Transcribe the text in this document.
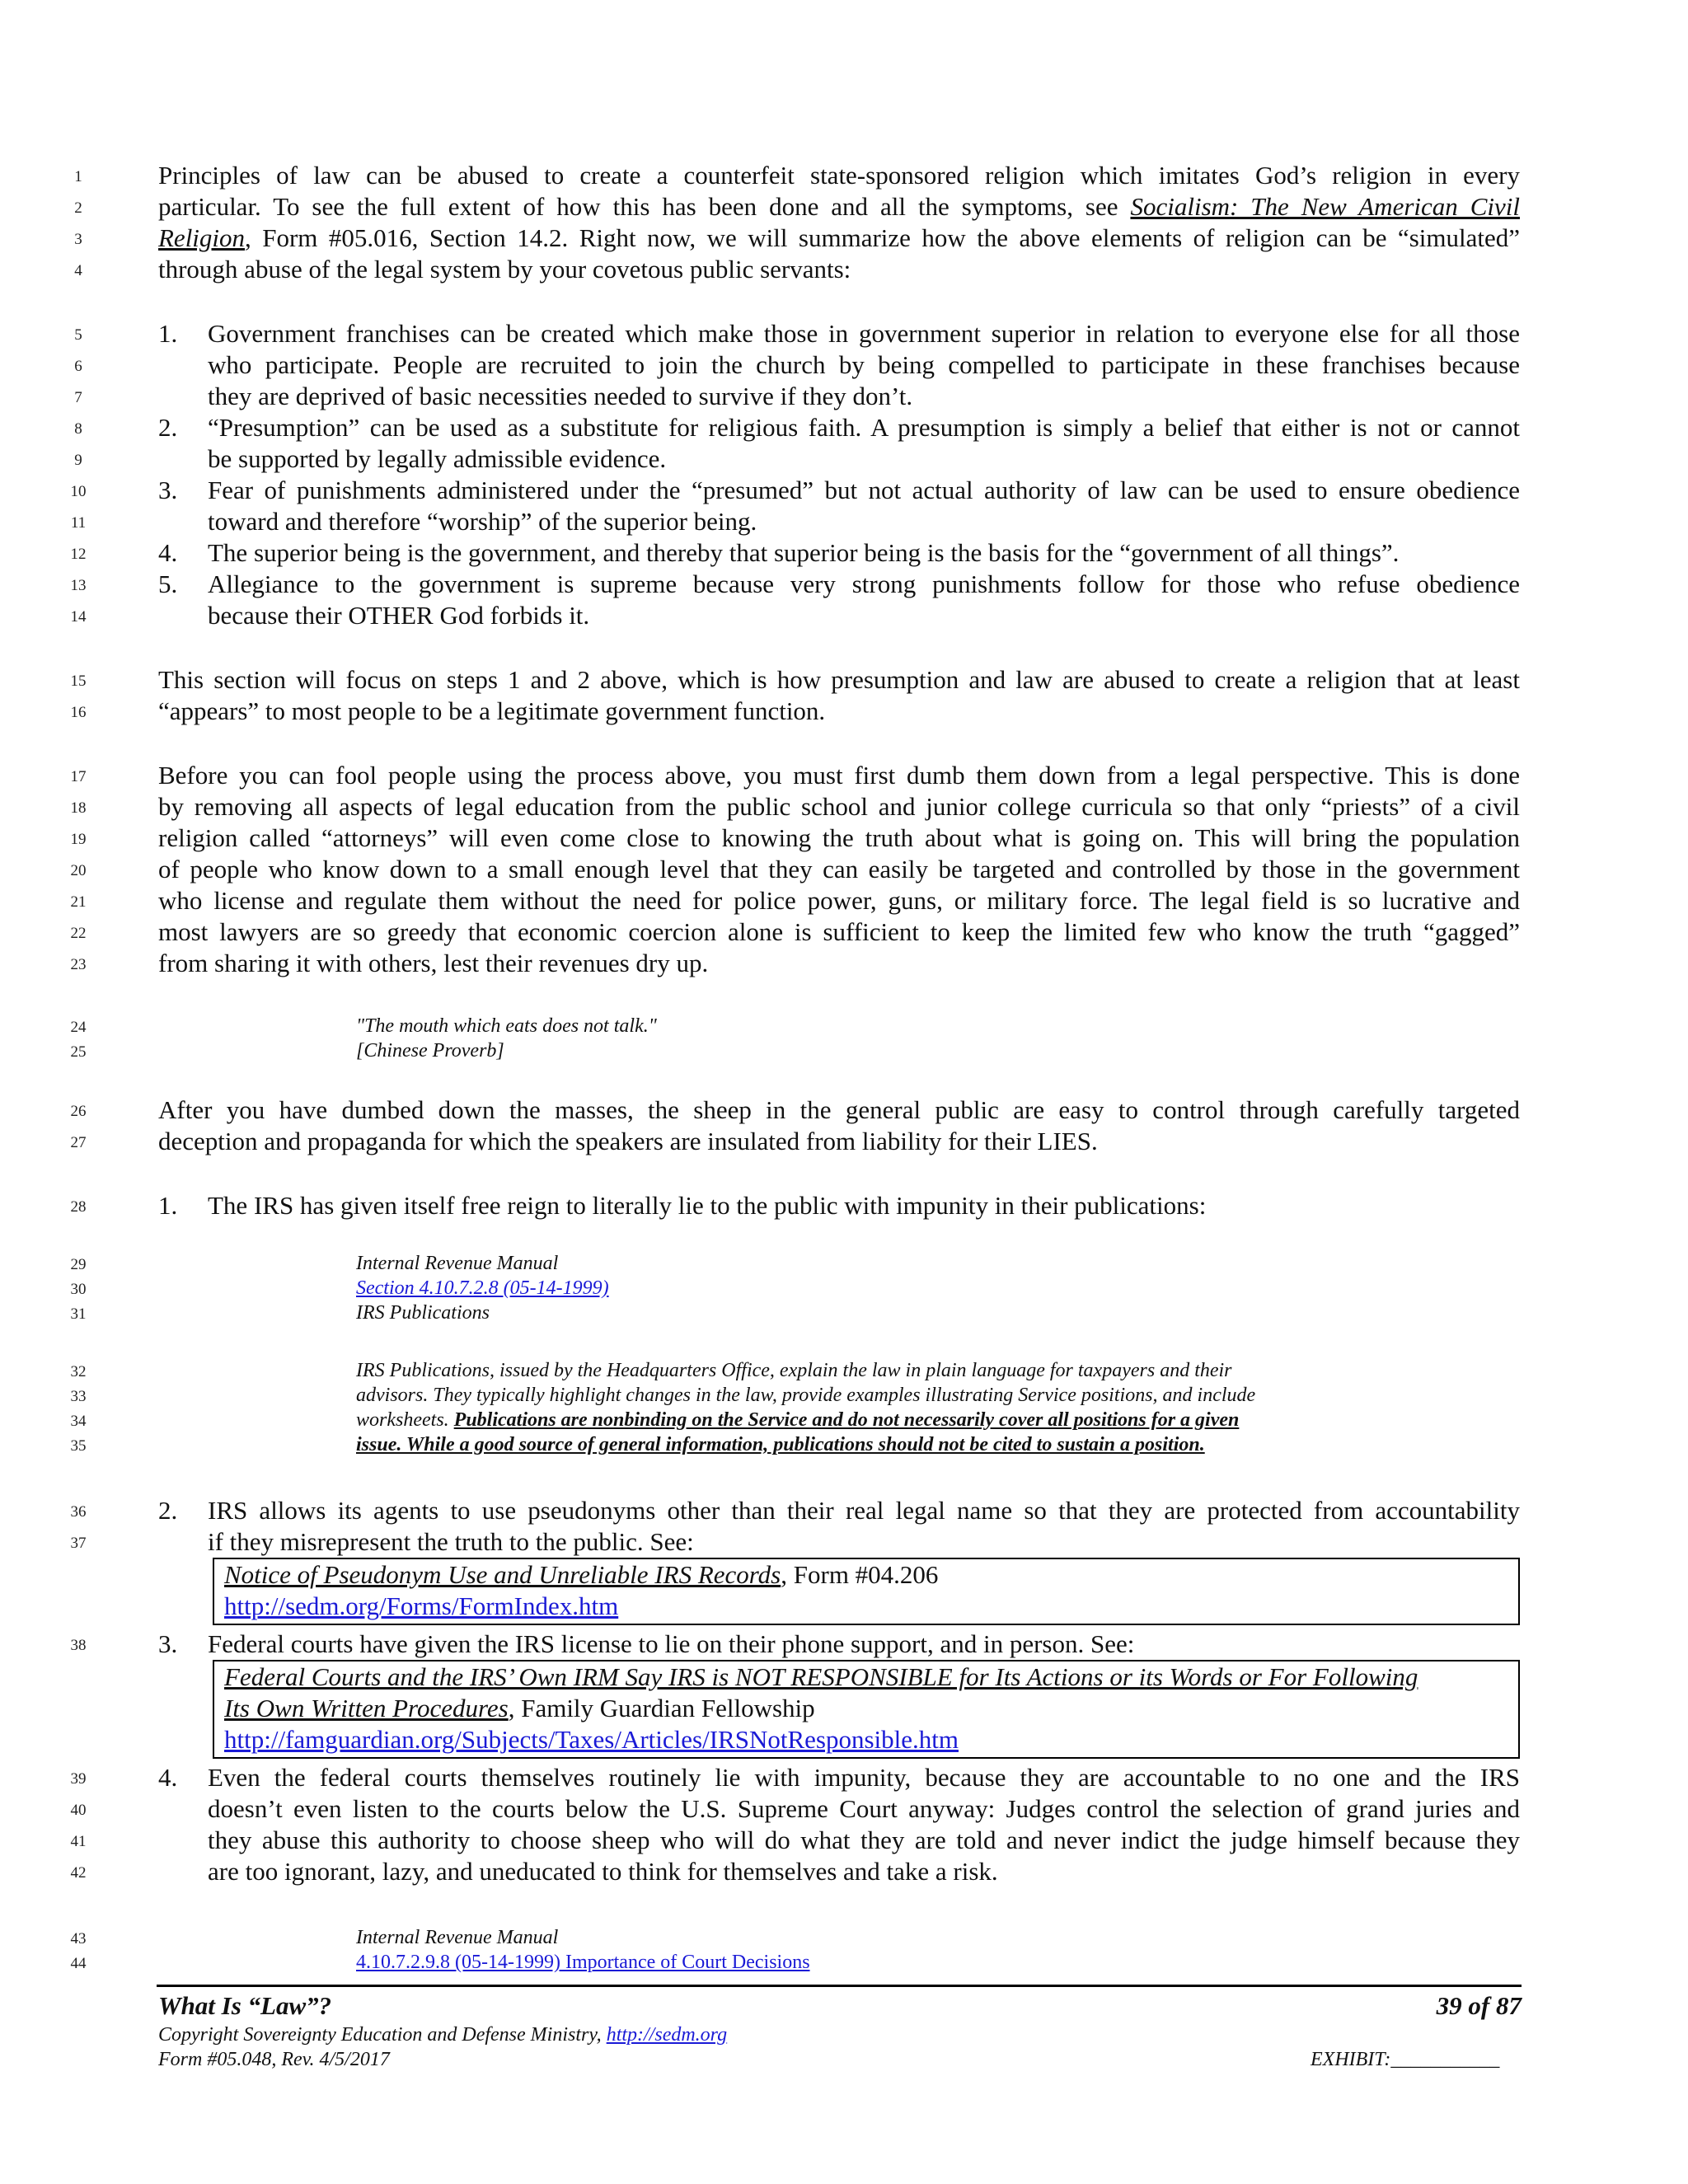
1
2
3
4
5
6
7
8
9
10
11
12
13
14
15
16
17
18
19
20
21
22
23
24
25
26
27
28
29
30
31
32
33
34
35
36
37
38
39
40
41
42
43
44
Principles of law can be abused to create a counterfeit state-sponsored religion which imitates God’s religion in every
particular. To see the full extent of how this has been done and all the symptoms, see Socialism: The New American Civil
Religion, Form #05.016, Section 14.2. Right now, we will summarize how the above elements of religion can be “simulated”
through abuse of the legal system by your covetous public servants:
1. Government franchises can be created which make those in government superior in relation to everyone else for all those
who participate. People are recruited to join the church by being compelled to participate in these franchises because
they are deprived of basic necessities needed to survive if they don’t.
2. “Presumption” can be used as a substitute for religious faith. A presumption is simply a belief that either is not or cannot
be supported by legally admissible evidence.
3. Fear of punishments administered under the “presumed” but not actual authority of law can be used to ensure obedience
toward and therefore “worship” of the superior being.
4. The superior being is the government, and thereby that superior being is the basis for the “government of all things”.
5. Allegiance to the government is supreme because very strong punishments follow for those who refuse obedience
because their OTHER God forbids it.
This section will focus on steps 1 and 2 above, which is how presumption and law are abused to create a religion that at least
“appears” to most people to be a legitimate government function.
Before you can fool people using the process above, you must first dumb them down from a legal perspective. This is done
by removing all aspects of legal education from the public school and junior college curricula so that only “priests” of a civil
religion called “attorneys” will even come close to knowing the truth about what is going on. This will bring the population
of people who know down to a small enough level that they can easily be targeted and controlled by those in the government
who license and regulate them without the need for police power, guns, or military force. The legal field is so lucrative and
most lawyers are so greedy that economic coercion alone is sufficient to keep the limited few who know the truth “gagged”
from sharing it with others, lest their revenues dry up.
"The mouth which eats does not talk."
[Chinese Proverb]
After you have dumbed down the masses, the sheep in the general public are easy to control through carefully targeted
deception and propaganda for which the speakers are insulated from liability for their LIES.
1. The IRS has given itself free reign to literally lie to the public with impunity in their publications:
Internal Revenue Manual
Section 4.10.7.2.8 (05-14-1999)
IRS Publications
IRS Publications, issued by the Headquarters Office, explain the law in plain language for taxpayers and their
advisors. They typically highlight changes in the law, provide examples illustrating Service positions, and include
worksheets. Publications are nonbinding on the Service and do not necessarily cover all positions for a given
issue. While a good source of general information, publications should not be cited to sustain a position.
2. IRS allows its agents to use pseudonyms other than their real legal name so that they are protected from accountability
if they misrepresent the truth to the public. See:
Notice of Pseudonym Use and Unreliable IRS Records, Form #04.206
http://sedm.org/Forms/FormIndex.htm
3. Federal courts have given the IRS license to lie on their phone support, and in person. See:
Federal Courts and the IRS’ Own IRM Say IRS is NOT RESPONSIBLE for Its Actions or its Words or For Following
Its Own Written Procedures, Family Guardian Fellowship
http://famguardian.org/Subjects/Taxes/Articles/IRSNotResponsible.htm
4. Even the federal courts themselves routinely lie with impunity, because they are accountable to no one and the IRS
doesn’t even listen to the courts below the U.S. Supreme Court anyway: Judges control the selection of grand juries and
they abuse this authority to choose sheep who will do what they are told and never indict the judge himself because they
are too ignorant, lazy, and uneducated to think for themselves and take a risk.
Internal Revenue Manual
4.10.7.2.9.8 (05-14-1999) Importance of Court Decisions
What Is “Law”?	39 of 87
Copyright Sovereignty Education and Defense Ministry, http://sedm.org
Form #05.048, Rev. 4/5/2017	EXHIBIT:___________
